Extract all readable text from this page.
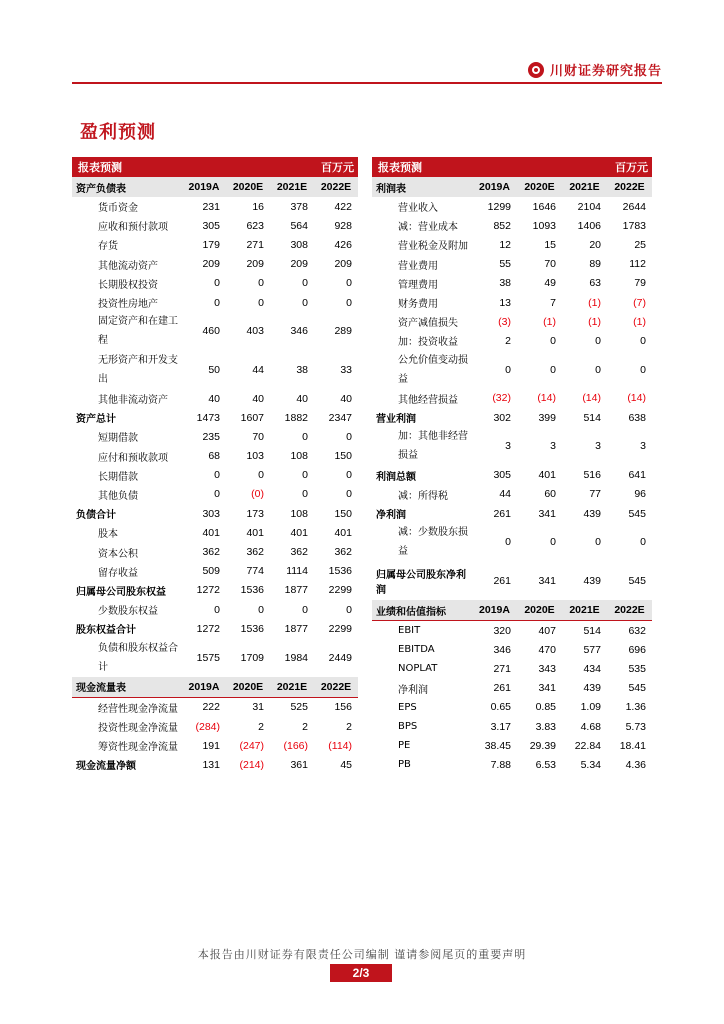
川财证券研究报告
盈利预测
报表预测			百万元	
资产负债表	2019A	2020E	2021E	2022E
货币资金	231	16	378	422
应收和预付款项	305	623	564	928
存货	179	271	308	426
其他流动资产	209	209	209	209
长期股权投资	0	0	0	0
投资性房地产	0	0	0	0
固定资产和在建工程	460	403	346	289
无形资产和开发支出	50	44	38	33
其他非流动资产	40	40	40	40
资产总计	1473	1607	1882	2347
短期借款	235	70	0	0
应付和预收款项	68	103	108	150
长期借款	0	0	0	0
其他负债	0	(0)	0	0
负债合计	303	173	108	150
股本	401	401	401	401
资本公积	362	362	362	362
留存收益	509	774	1114	1536
归属母公司股东权益	1272	1536	1877	2299
少数股东权益	0	0	0	0
股东权益合计	1272	1536	1877	2299
负债和股东权益合计	1575	1709	1984	2449
现金流量表	2019A	2020E	2021E	2022E
经营性现金净流量	222	31	525	156
投资性现金净流量	(284)	2	2	2
筹资性现金净流量	191	(247)	(166)	(114)
现金流量净额	131	(214)	361	45
报表预测			百万元	
利润表	2019A	2020E	2021E	2022E
营业收入	1299	1646	2104	2644
减：营业成本	852	1093	1406	1783
营业税金及附加	12	15	20	25
营业费用	55	70	89	112
管理费用	38	49	63	79
财务费用	13	7	(1)	(7)
资产减值损失	(3)	(1)	(1)	(1)
加：投资收益	2	0	0	0
公允价值变动损益	0	0	0	0
其他经营损益	(32)	(14)	(14)	(14)
营业利润	302	399	514	638
加：其他非经营损益	3	3	3	3
利润总额	305	401	516	641
减：所得税	44	60	77	96
净利润	261	341	439	545
减：少数股东损益	0	0	0	0
归属母公司股东净利润	261	341	439	545
业绩和估值指标	2019A	2020E	2021E	2022E
EBIT	320	407	514	632
EBITDA	346	470	577	696
NOPLAT	271	343	434	535
净利润	261	341	439	545
EPS	0.65	0.85	1.09	1.36
BPS	3.17	3.83	4.68	5.73
PE	38.45	29.39	22.84	18.41
PB	7.88	6.53	5.34	4.36
本报告由川财证券有限责任公司编制 谨请参阅尾页的重要声明
2/3
